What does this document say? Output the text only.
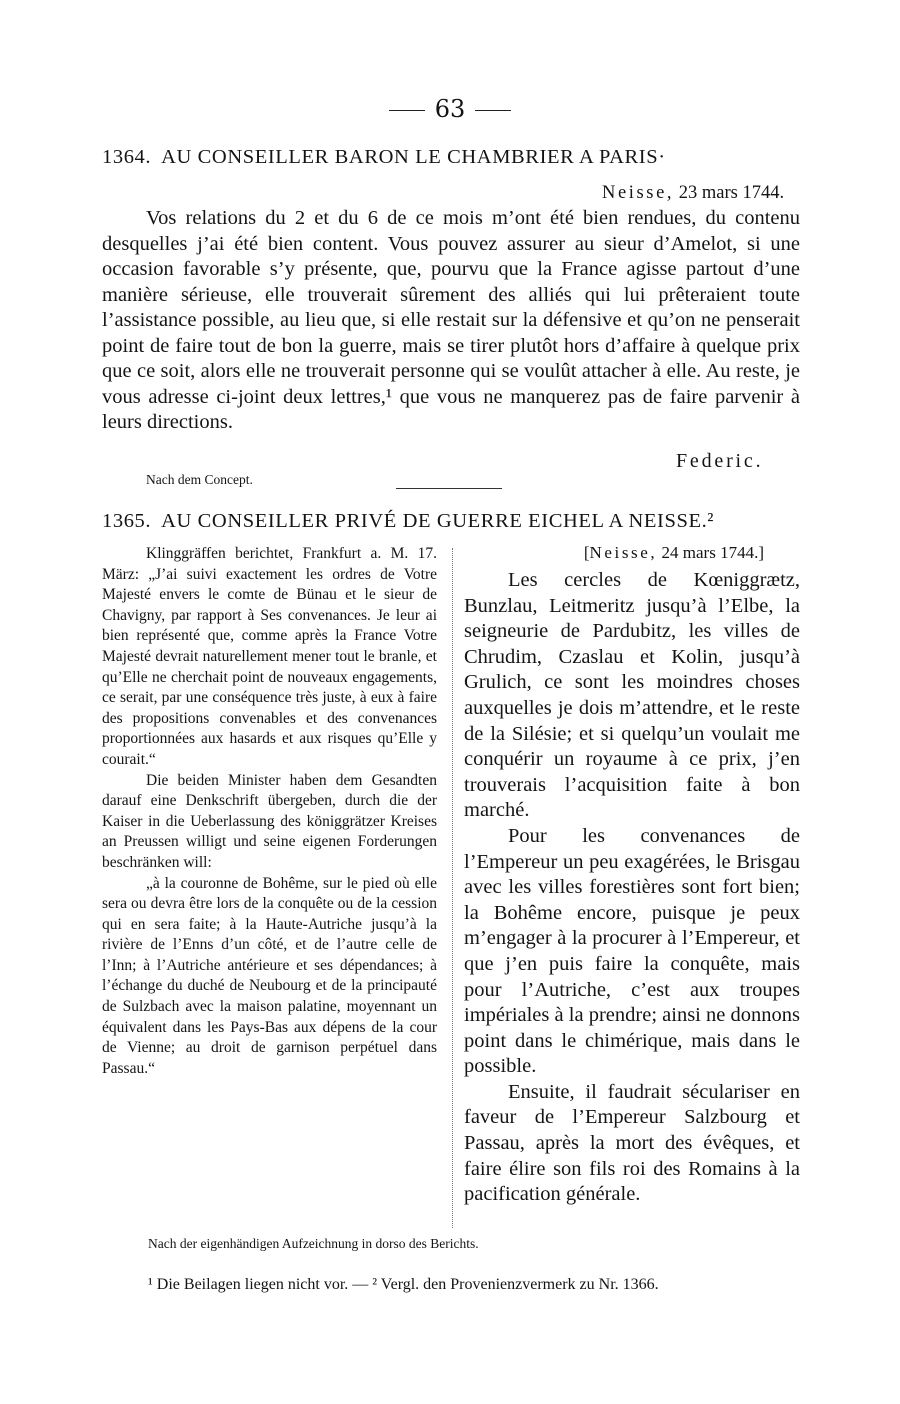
63
1364. AU CONSEILLER BARON LE CHAMBRIER A PARIS·
Neisse, 23 mars 1744.

Vos relations du 2 et du 6 de ce mois m’ont été bien rendues, du contenu desquelles j’ai été bien content. Vous pouvez assurer au sieur d’Amelot, si une occasion favorable s’y présente, que, pourvu que la France agisse partout d’une manière sérieuse, elle trouverait sûrement des alliés qui lui prêteraient toute l’assistance possible, au lieu que, si elle restait sur la défensive et qu’on ne penserait point de faire tout de bon la guerre, mais se tirer plutôt hors d’affaire à quelque prix que ce soit, alors elle ne trouverait personne qui se voulût attacher à elle. Au reste, je vous adresse ci-joint deux lettres,¹ que vous ne manquerez pas de faire parvenir à leurs directions.

Federic.
Nach dem Concept.
1365. AU CONSEILLER PRIVÉ DE GUERRE EICHEL A NEISSE.²

Klinggräffen berichtet, Frankfurt a. M. 17. März: „J’ai suivi exactement les ordres de Votre Majesté envers le comte de Bünau et le sieur de Chavigny, par rapport à Ses convenances. Je leur ai bien représenté que, comme après la France Votre Majesté devrait naturellement mener tout le branle, et qu’Elle ne cherchait point de nouveaux engagements, ce serait, par une conséquence très juste, à eux à faire des propositions convenables et des convenances proportionnées aux hasards et aux risques qu’Elle y courait.“

Die beiden Minister haben dem Gesandten darauf eine Denkschrift übergeben, durch die der Kaiser in die Ueberlassung des königgrätzer Kreises an Preussen willigt und seine eigenen Forderungen beschränken will:

„à la couronne de Bohême, sur le pied où elle sera ou devra être lors de la conquête ou de la cession qui en sera faite; à la Haute-Autriche jusqu’à la rivière de l’Enns d’un côté, et de l’autre celle de l’Inn; à l’Autriche antérieure et ses dépendances; à l’échange du duché de Neubourg et de la principauté de Sulzbach avec la maison palatine, moyennant un équivalent dans les Pays-Bas aux dépens de la cour de Vienne; au droit de garnison perpétuel dans Passau.“

[Neisse, 24 mars 1744.]

Les cercles de Kœniggrætz, Bunzlau, Leitmeritz jusqu’à l’Elbe, la seigneurie de Pardubitz, les villes de Chrudim, Czaslau et Kolin, jusqu’à Grulich, ce sont les moindres choses auxquelles je dois m’attendre, et le reste de la Silésie; et si quelqu’un voulait me conquérir un royaume à ce prix, j’en trouverais l’acquisition faite à bon marché.

Pour les convenances de l’Empereur un peu exagérées, le Brisgau avec les villes forestières sont fort bien; la Bohême encore, puisque je peux m’engager à la procurer à l’Empereur, et que j’en puis faire la conquête, mais pour l’Autriche, c’est aux troupes impériales à la prendre; ainsi ne donnons point dans le chimérique, mais dans le possible.

Ensuite, il faudrait séculariser en faveur de l’Empereur Salzbourg et Passau, après la mort des évêques, et faire élire son fils roi des Romains à la pacification générale.

Nach der eigenhändigen Aufzeichnung in dorso des Berichts.
¹ Die Beilagen liegen nicht vor. — ² Vergl. den Provenienzvermerk zu Nr. 1366.
